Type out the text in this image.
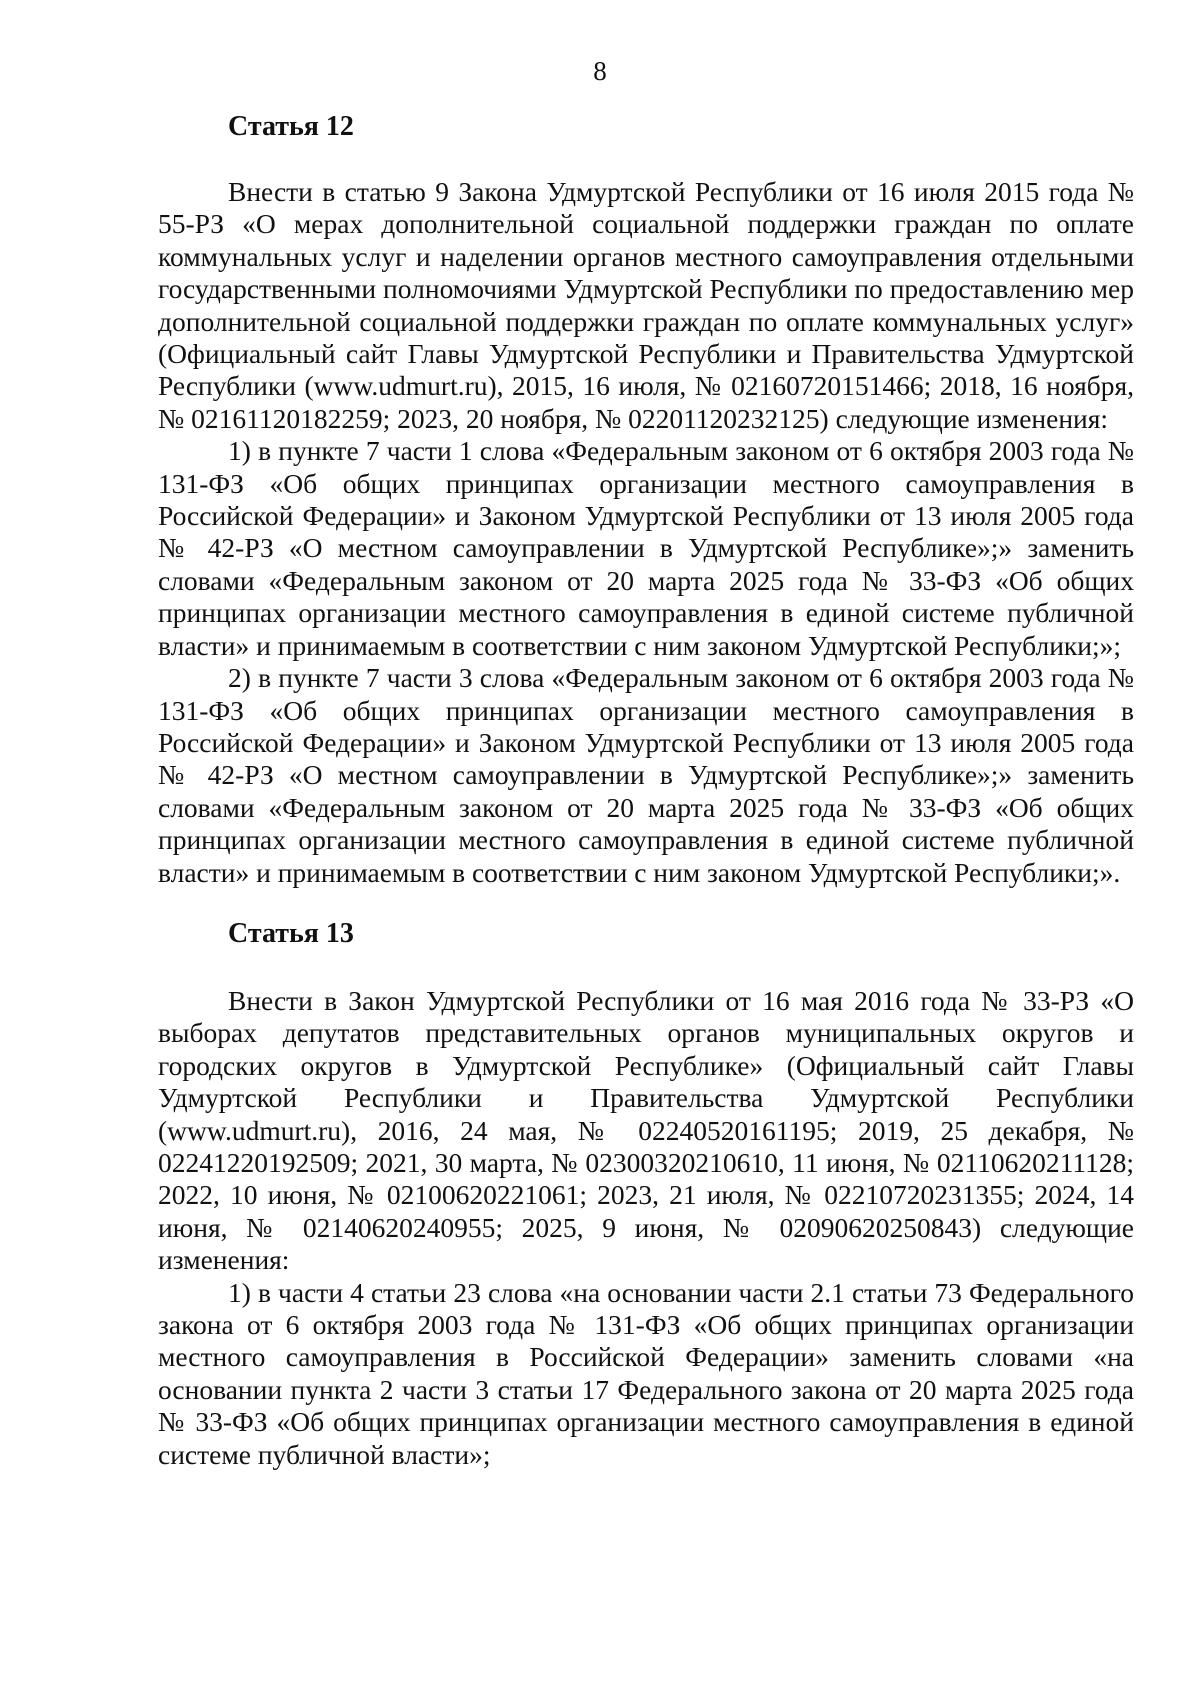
8
Статья 12

Внести в статью 9 Закона Удмуртской Республики от 16 июля 2015 года № 55-РЗ «О мерах дополнительной социальной поддержки граждан по оплате коммунальных услуг и наделении органов местного самоуправления отдельными государственными полномочиями Удмуртской Республики по предоставлению мер дополнительной социальной поддержки граждан по оплате коммунальных услуг» (Официальный сайт Главы Удмуртской Республики и Правительства Удмуртской Республики (www.udmurt.ru), 2015, 16 июля, № 02160720151466; 2018, 16 ноября, № 02161120182259; 2023, 20 ноября, № 02201120232125) следующие изменения:

1) в пункте 7 части 1 слова «Федеральным законом от 6 октября 2003 года № 131-ФЗ «Об общих принципах организации местного самоуправления в Российской Федерации» и Законом Удмуртской Республики от 13 июля 2005 года № 42-РЗ «О местном самоуправлении в Удмуртской Республике»;» заменить словами «Федеральным законом от 20 марта 2025 года № 33-ФЗ «Об общих принципах организации местного самоуправления в единой системе публичной власти» и принимаемым в соответствии с ним законом Удмуртской Республики;»;

2) в пункте 7 части 3 слова «Федеральным законом от 6 октября 2003 года № 131-ФЗ «Об общих принципах организации местного самоуправления в Российской Федерации» и Законом Удмуртской Республики от 13 июля 2005 года № 42-РЗ «О местном самоуправлении в Удмуртской Республике»;» заменить словами «Федеральным законом от 20 марта 2025 года № 33-ФЗ «Об общих принципах организации местного самоуправления в единой системе публичной власти» и принимаемым в соответствии с ним законом Удмуртской Республики;».

Статья 13

Внести в Закон Удмуртской Республики от 16 мая 2016 года № 33-РЗ «О выборах депутатов представительных органов муниципальных округов и городских округов в Удмуртской Республике» (Официальный сайт Главы Удмуртской Республики и Правительства Удмуртской Республики (www.udmurt.ru), 2016, 24 мая, № 02240520161195; 2019, 25 декабря, № 02241220192509; 2021, 30 марта, № 02300320210610, 11 июня, № 02110620211128; 2022, 10 июня, № 02100620221061; 2023, 21 июля, № 02210720231355; 2024, 14 июня, № 02140620240955; 2025, 9 июня, № 02090620250843) следующие изменения:

1) в части 4 статьи 23 слова «на основании части 2.1 статьи 73 Федерального закона от 6 октября 2003 года № 131-ФЗ «Об общих принципах организации местного самоуправления в Российской Федерации» заменить словами «на основании пункта 2 части 3 статьи 17 Федерального закона от 20 марта 2025 года № 33-ФЗ «Об общих принципах организации местного самоуправления в единой системе публичной власти»;
